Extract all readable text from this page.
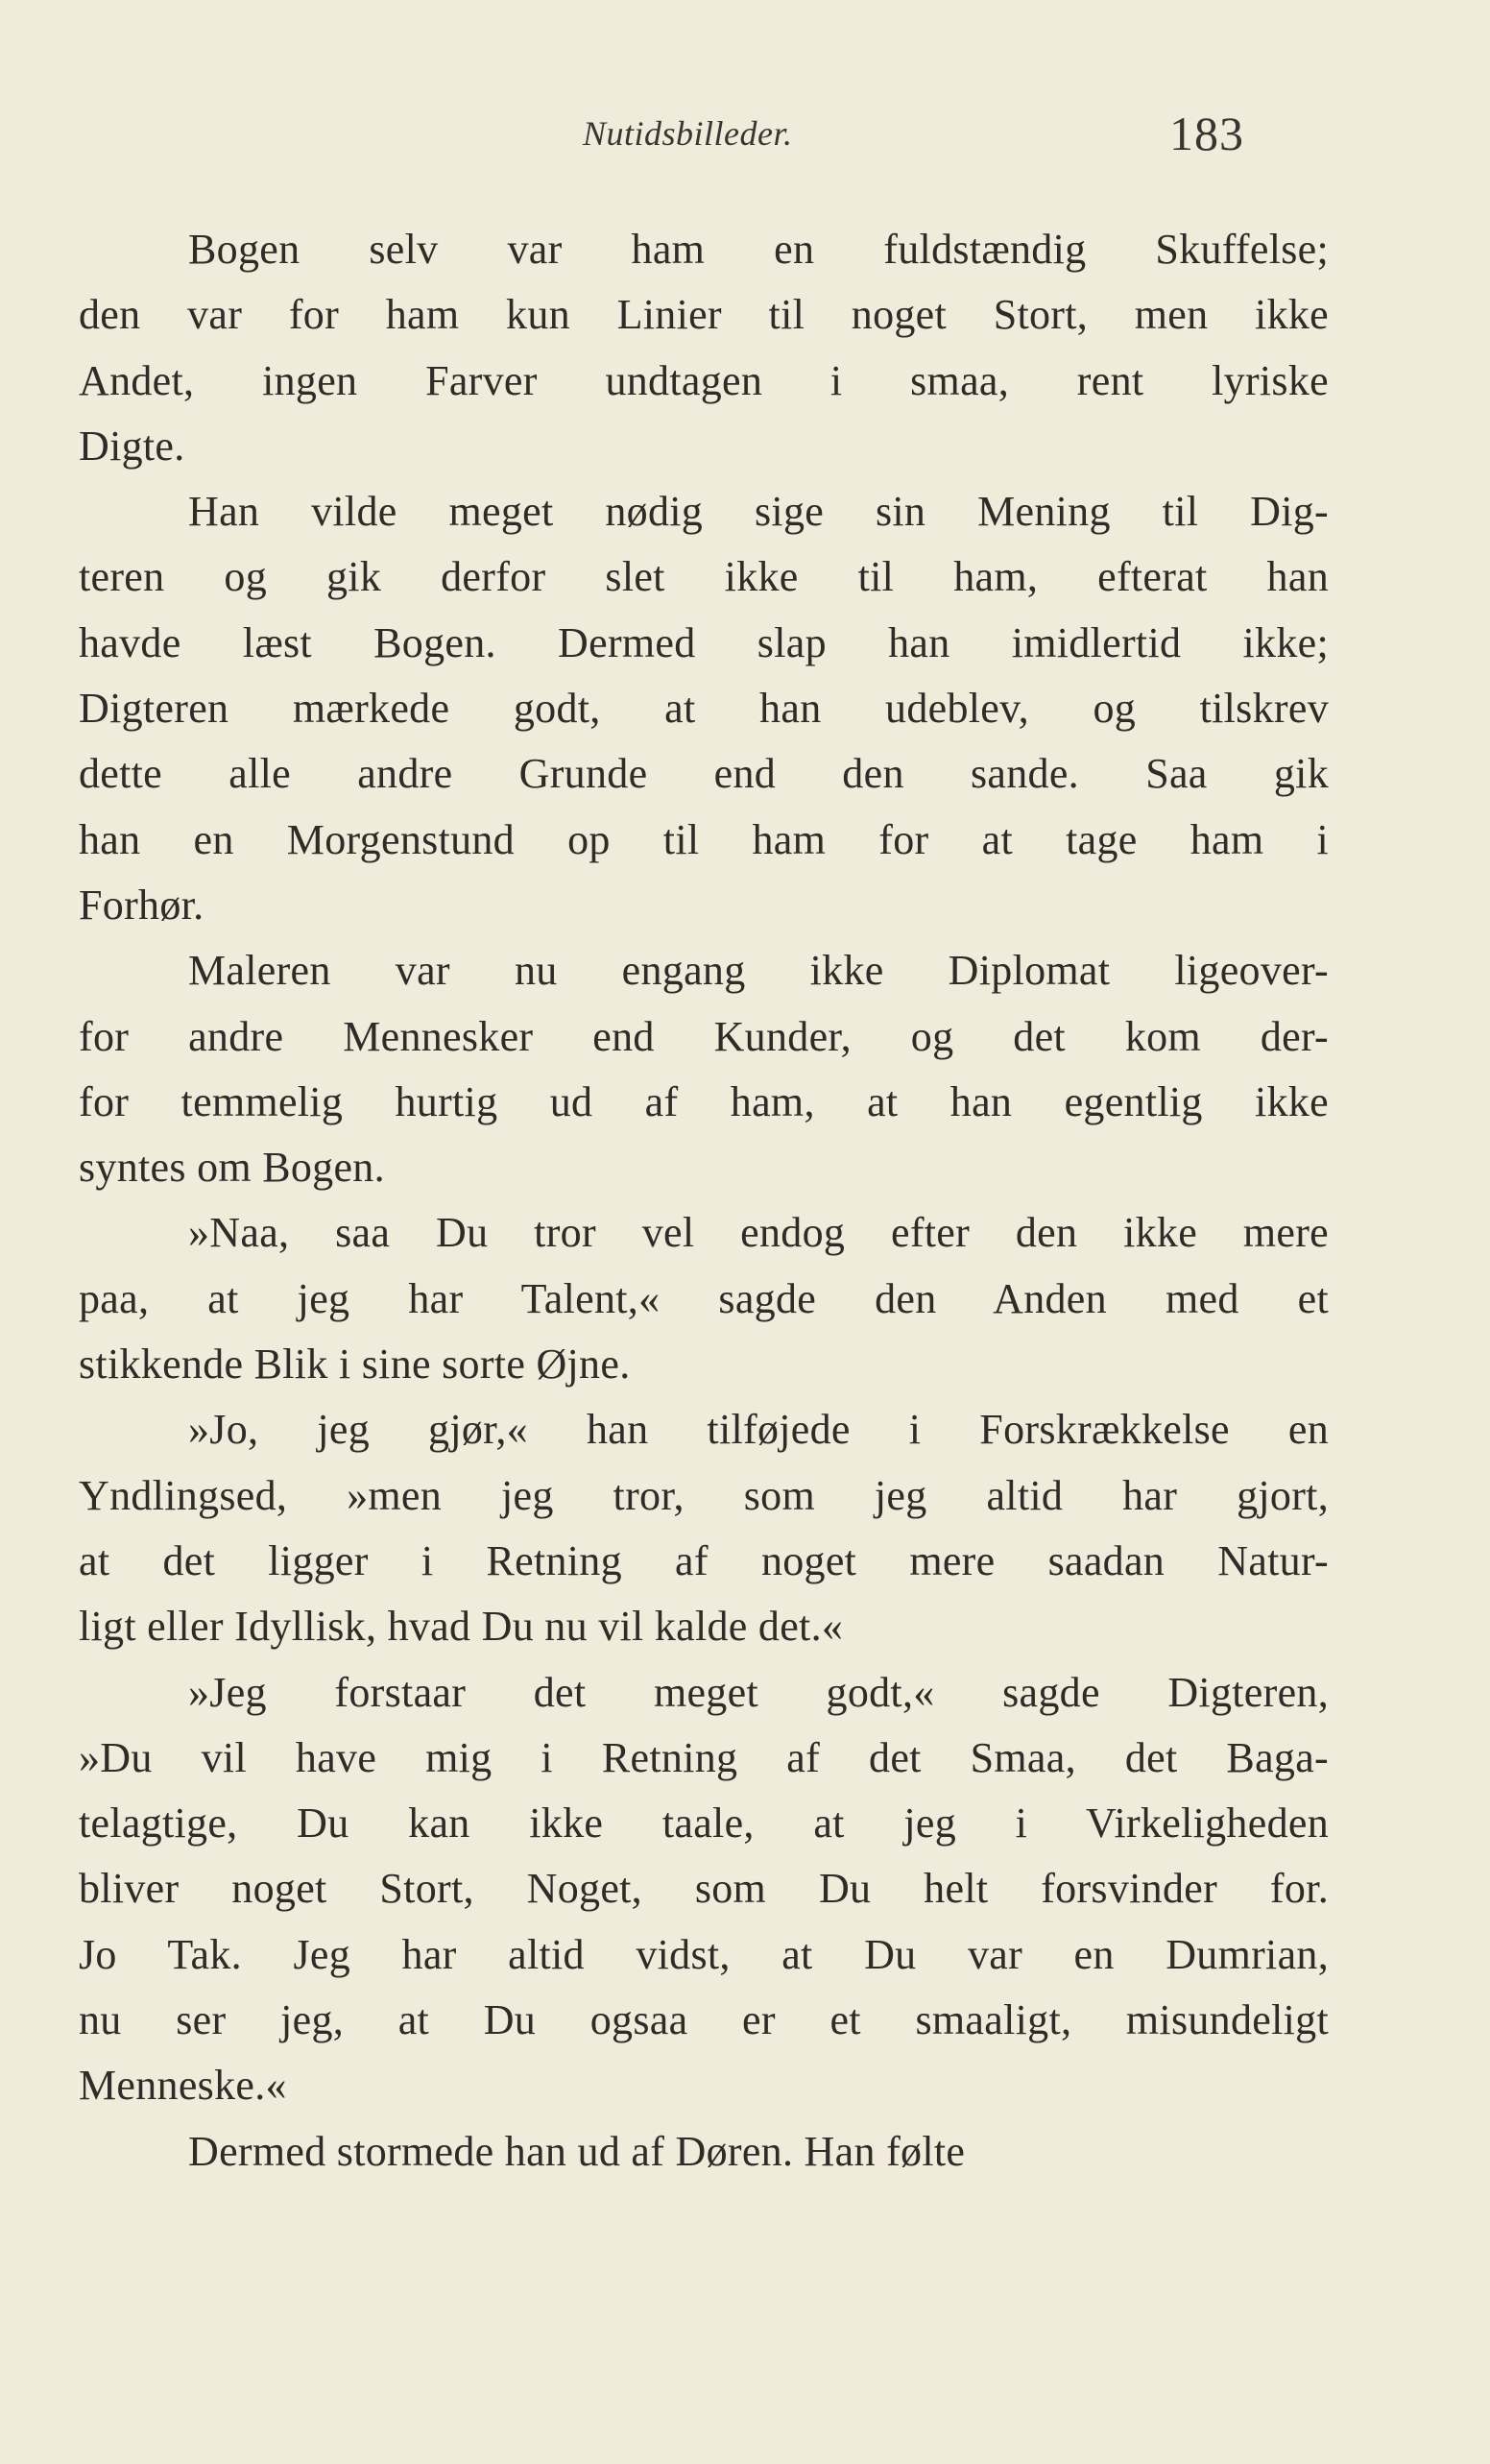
Nutidsbilleder.	183
Bogen selv var ham en fuldstændig Skuffelse;
den var for ham kun Linier til noget Stort, men ikke
Andet, ingen Farver undtagen i smaa, rent lyriske
Digte.
Han vilde meget nødig sige sin Mening til Dig-
teren og gik derfor slet ikke til ham, efterat han
havde læst Bogen. Dermed slap han imidlertid ikke;
Digteren mærkede godt, at han udeblev, og tilskrev
dette alle andre Grunde end den sande. Saa gik
han en Morgenstund op til ham for at tage ham i
Forhør.
Maleren var nu engang ikke Diplomat ligeover-
for andre Mennesker end Kunder, og det kom der-
for temmelig hurtig ud af ham, at han egentlig ikke
syntes om Bogen.
»Naa, saa Du tror vel endog efter den ikke mere
paa, at jeg har Talent,« sagde den Anden med et
stikkende Blik i sine sorte Øjne.
»Jo, jeg gjør,« han tilføjede i Forskrækkelse en
Yndlingsed, »men jeg tror, som jeg altid har gjort,
at det ligger i Retning af noget mere saadan Natur-
ligt eller Idyllisk, hvad Du nu vil kalde det.«
»Jeg forstaar det meget godt,« sagde Digteren,
»Du vil have mig i Retning af det Smaa, det Baga-
telagtige, Du kan ikke taale, at jeg i Virkeligheden
bliver noget Stort, Noget, som Du helt forsvinder for.
Jo Tak. Jeg har altid vidst, at Du var en Dumrian,
nu ser jeg, at Du ogsaa er et smaaligt, misundeligt
Menneske.«
Dermed stormede han ud af Døren. Han følte
